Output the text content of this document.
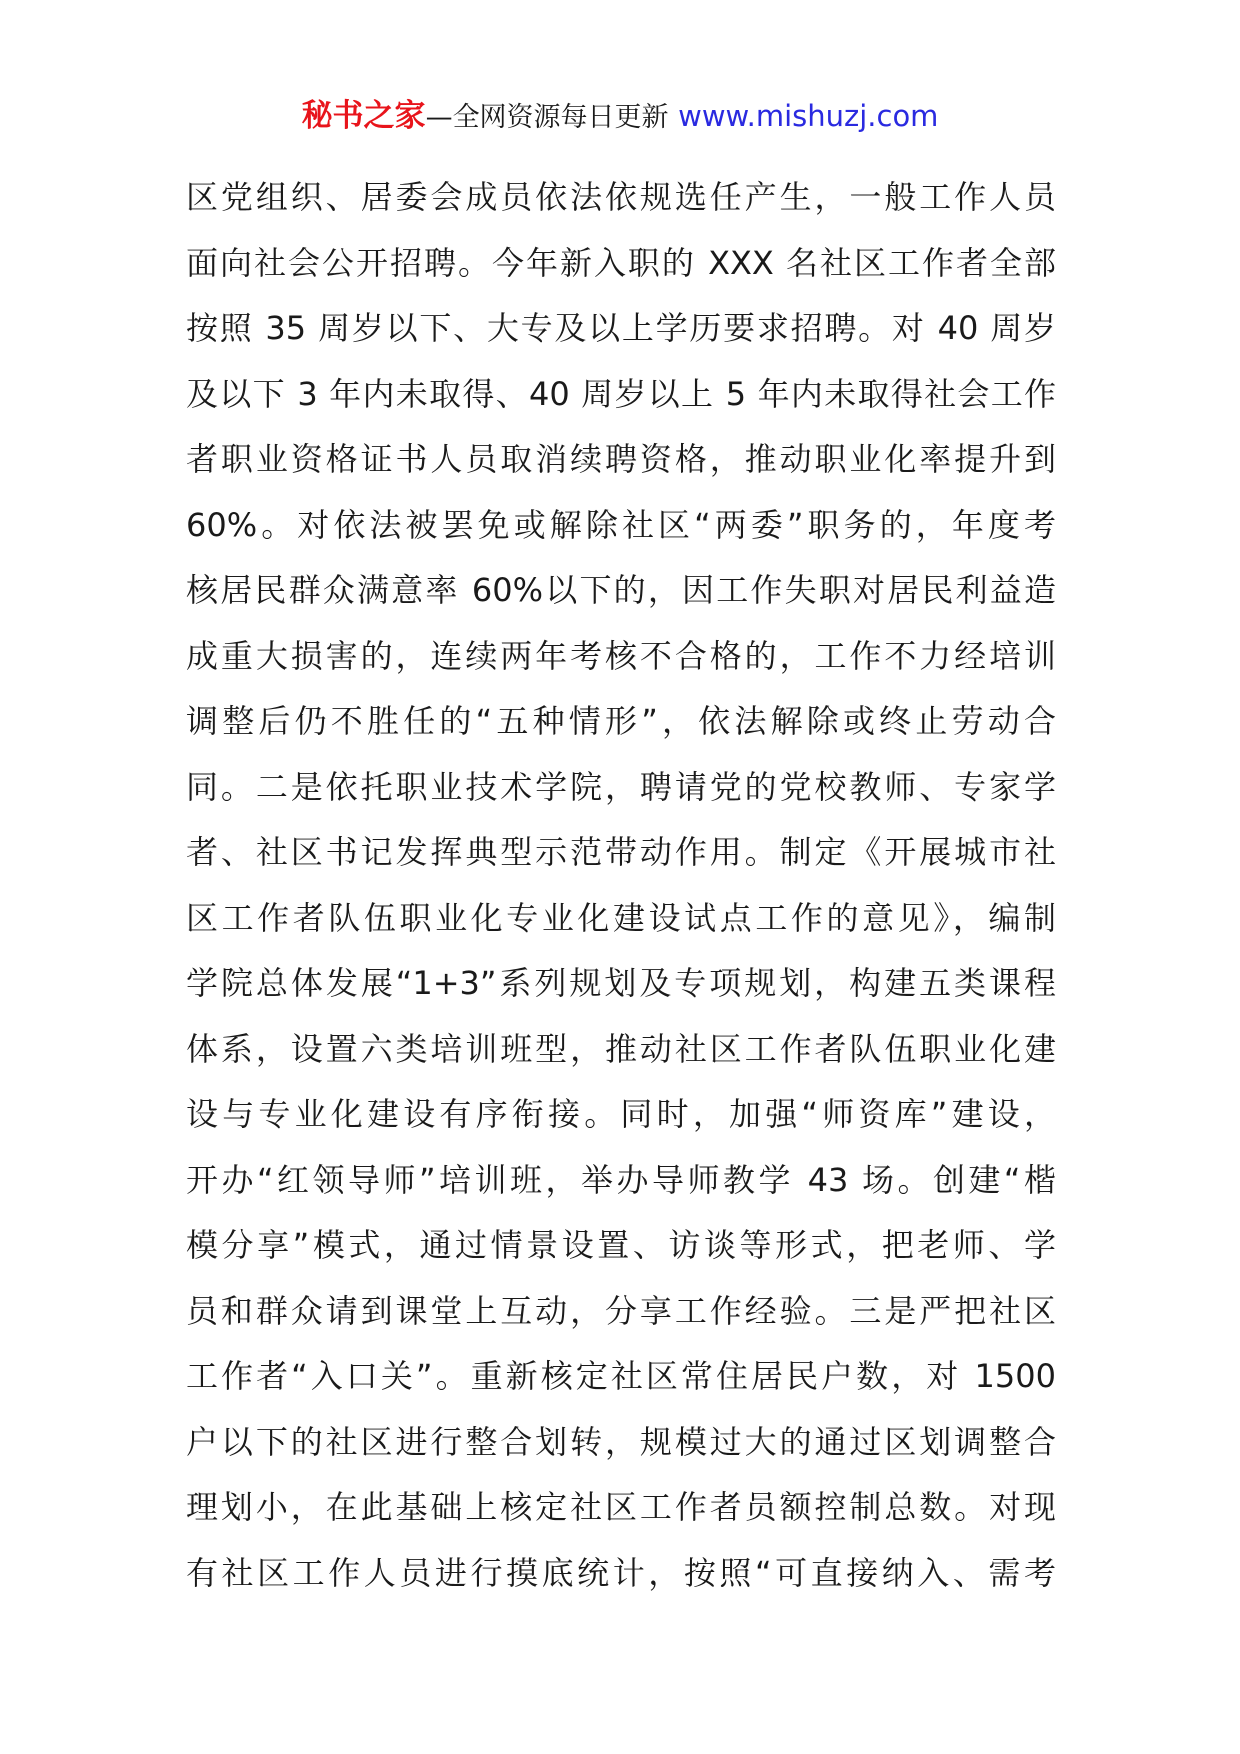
秘书之家—全网资源每日更新 www.mishuzj.com
区党组织、居委会成员依法依规选任产生，一般工作人员
面向社会公开招聘。今年新入职的 XXX 名社区工作者全部
按照 35 周岁以下、大专及以上学历要求招聘。对 40 周岁
及以下 3 年内未取得、40 周岁以上 5 年内未取得社会工作
者职业资格证书人员取消续聘资格，推动职业化率提升到
60%。对依法被罢免或解除社区“两委”职务的，年度考
核居民群众满意率 60%以下的，因工作失职对居民利益造
成重大损害的，连续两年考核不合格的，工作不力经培训
调整后仍不胜任的“五种情形”，依法解除或终止劳动合
同。二是依托职业技术学院，聘请党的党校教师、专家学
者、社区书记发挥典型示范带动作用。制定《开展城市社
区工作者队伍职业化专业化建设试点工作的意见》，编制
学院总体发展“1+3”系列规划及专项规划，构建五类课程
体系，设置六类培训班型，推动社区工作者队伍职业化建
设与专业化建设有序衔接。同时，加强“师资库”建设，
开办“红领导师”培训班，举办导师教学 43 场。创建“楷
模分享”模式，通过情景设置、访谈等形式，把老师、学
员和群众请到课堂上互动，分享工作经验。三是严把社区
工作者“入口关”。重新核定社区常住居民户数，对 1500
户以下的社区进行整合划转，规模过大的通过区划调整合
理划小，在此基础上核定社区工作者员额控制总数。对现
有社区工作人员进行摸底统计，按照“可直接纳入、需考
